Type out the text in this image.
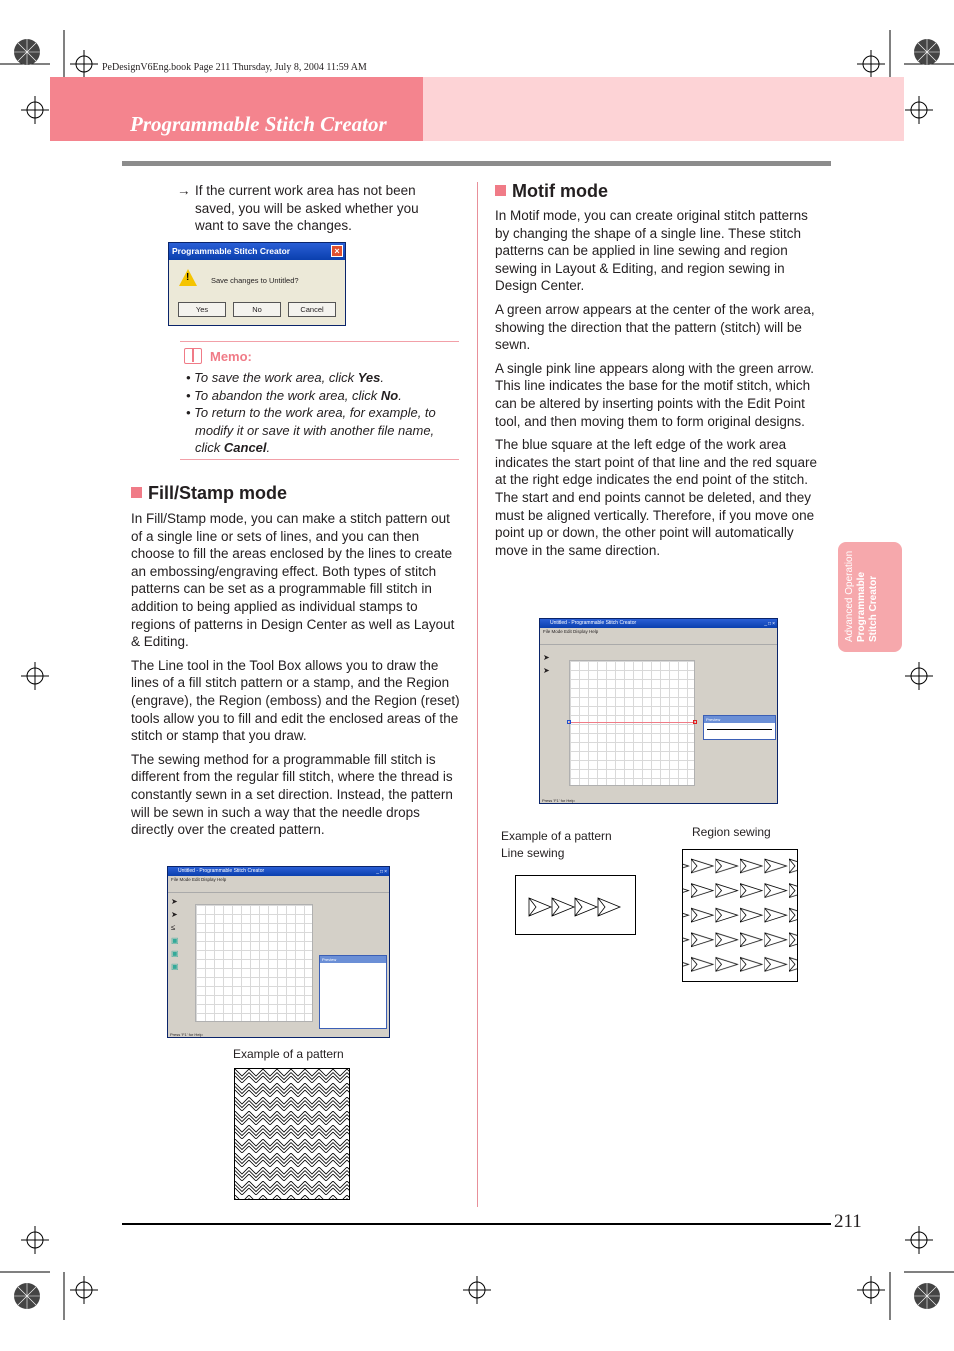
PeDesignV6Eng.book Page 211 Thursday, July 8, 2004 11:59 AM
Programmable Stitch Creator
Advanced Operation Programmable Stitch Creator
→ If the current work area has not been saved, you will be asked whether you want to save the changes.
Programmable Stitch Creator	×
!	Save changes to Untitled?
Yes	No	Cancel
Memo:
• To save the work area, click Yes.
• To abandon the work area, click No.
• To return to the work area, for example, to modify it or save it with another file name, click Cancel.
Fill/Stamp mode

In Fill/Stamp mode, you can make a stitch pattern out of a single line or sets of lines, and you can then choose to fill the areas enclosed by the lines to create an embossing/engraving effect. Both types of stitch patterns can be set as a programmable fill stitch in addition to being applied as individual stamps to regions of patterns in Design Center as well as Layout & Editing.

The Line tool in the Tool Box allows you to draw the lines of a fill stitch pattern or a stamp, and the Region (engrave), the Region (emboss) and the Region (reset) tools allow you to fill and edit the enclosed areas of the stitch or stamp that you draw.

The sewing method for a programmable fill stitch is different from the regular fill stitch, where the thread is constantly sewn in a set direction. Instead, the pattern will be sewn in such a way that the needle drops directly over the created pattern.

Untitled - Programmable Stitch Creator	_□×
File Mode Edit Display Help
➤
➤
≤
▣
▣
▣
Preview
Press 'F1' for Help
Example of a pattern
Motif mode

In Motif mode, you can create original stitch patterns by changing the shape of a single line. These stitch patterns can be applied in line sewing and region sewing in Layout & Editing, and region sewing in Design Center.

A green arrow appears at the center of the work area, showing the direction that the pattern (stitch) will be sewn.

A single pink line appears along with the green arrow. This line indicates the base for the motif stitch, which can be altered by inserting points with the Edit Point tool, and then moving them to form original designs.

The blue square at the left edge of the work area indicates the start point of that line and the red square at the right edge indicates the end point of the stitch.
The start and end points cannot be deleted, and they must be aligned vertically. Therefore, if you move one point up or down, the other point will automatically move in the same direction.

Untitled - Programmable Stitch Creator	_□×
File Mode Edit Display Help
➤
➤
Preview
Press 'F1' for Help
Example of a pattern
Line sewing
Region sewing
211
